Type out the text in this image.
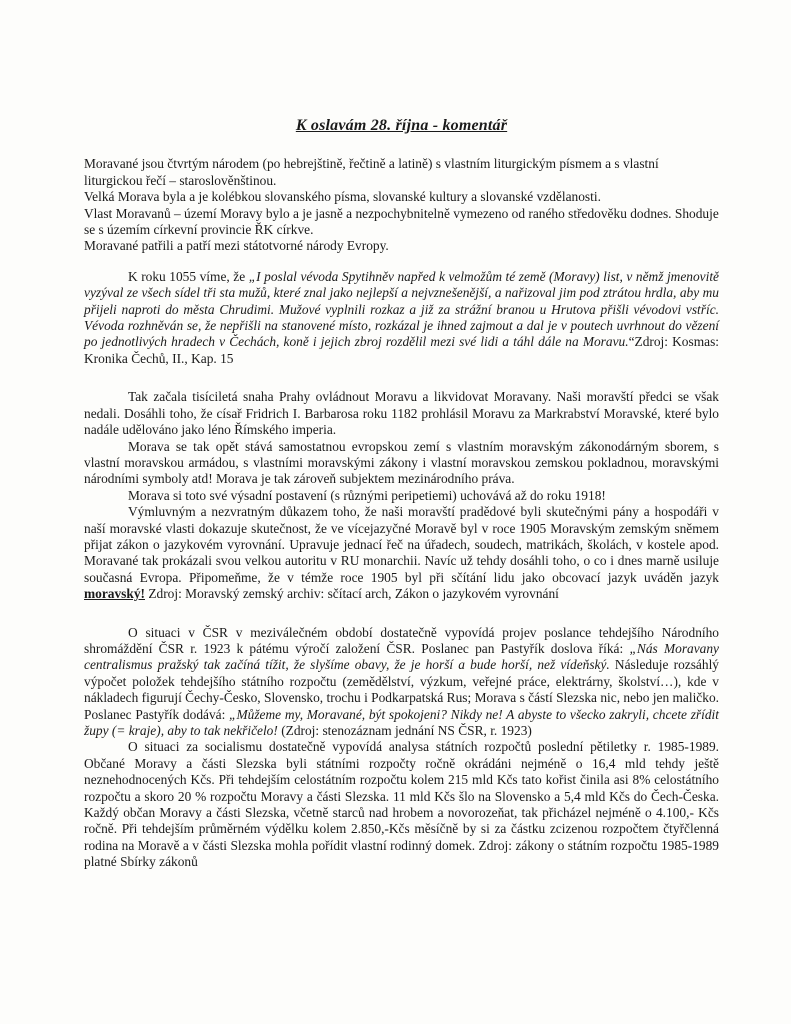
K oslavám 28. října - komentář

Moravané jsou čtvrtým národem (po hebrejštině, řečtině a latině) s vlastním liturgickým písmem a s vlastní liturgickou řečí – staroslověnštinou.

Velká Morava byla a je kolébkou slovanského písma, slovanské kultury a slovanské vzdělanosti.

Vlast Moravanů – území Moravy bylo a je jasně a nezpochybnitelně vymezeno od raného středověku dodnes. Shoduje se s územím církevní provincie ŘK církve.

Moravané patřili a patří mezi státotvorné národy Evropy.

K roku 1055 víme, že „I poslal vévoda Spytihněv napřed k velmožům té země (Moravy) list, v němž jmenovitě vyzýval ze všech sídel tři sta mužů, které znal jako nejlepší a nejvznešenější, a nařizoval jim pod ztrátou hrdla, aby mu přijeli naproti do města Chrudimi. Mužové vyplnili rozkaz a již za strážní branou u Hrutova přišli vévodovi vstříc. Vévoda rozhněván se, že nepřišli na stanovené místo, rozkázal je ihned zajmout a dal je v poutech uvrhnout do vězení po jednotlivých hradech v Čechách, koně i jejich zbroj rozdělil mezi své lidi a táhl dále na Moravu.“Zdroj: Kosmas: Kronika Čechů, II., Kap. 15

Tak začala tisíciletá snaha Prahy ovládnout Moravu a likvidovat Moravany. Naši moravští předci se však nedali. Dosáhli toho, že císař Fridrich I. Barbarosa roku 1182 prohlásil Moravu za Markrabství Moravské, které bylo nadále udělováno jako léno Římského imperia.

Morava se tak opět stává samostatnou evropskou zemí s vlastním moravským zákonodárným sborem, s vlastní moravskou armádou, s vlastními moravskými zákony i vlastní moravskou zemskou pokladnou, moravskými národními symboly atd! Morava je tak zároveň subjektem mezinárodního práva.

Morava si toto své výsadní postavení (s různými peripetiemi) uchovává až do roku 1918!

Výmluvným a nezvratným důkazem toho, že naši moravští pradědové byli skutečnými pány a hospodáři v naší moravské vlasti dokazuje skutečnost, že ve vícejazyčné Moravě byl v roce 1905 Moravským zemským sněmem přijat zákon o jazykovém vyrovnání. Upravuje jednací řeč na úřadech, soudech, matrikách, školách, v kostele apod. Moravané tak prokázali svou velkou autoritu v RU monarchii. Navíc už tehdy dosáhli toho, o co i dnes marně usiluje současná Evropa. Připomeňme, že v témže roce 1905 byl při sčítání lidu jako obcovací jazyk uváděn jazyk moravský! Zdroj: Moravský zemský archiv: sčítací arch, Zákon o jazykovém vyrovnání

O situaci v ČSR v meziválečném období dostatečně vypovídá projev poslance tehdejšího Národního shromáždění ČSR r. 1923 k pátému výročí založení ČSR. Poslanec pan Pastyřík doslova říká: „Nás Moravany centralismus pražský tak začíná tížit, že slyšíme obavy, že je horší a bude horší, než vídeňský. Následuje rozsáhlý výpočet položek tehdejšího státního rozpočtu (zemědělství, výzkum, veřejné práce, elektrárny, školství…), kde v nákladech figurují Čechy-Česko, Slovensko, trochu i Podkarpatská Rus; Morava s částí Slezska nic, nebo jen maličko. Poslanec Pastyřík dodává: „Můžeme my, Moravané, být spokojeni? Nikdy ne! A abyste to všecko zakryli, chcete zřídit župy (= kraje), aby to tak nekřičelo! (Zdroj: stenozáznam jednání NS ČSR, r. 1923)

O situaci za socialismu dostatečně vypovídá analysa státních rozpočtů poslední pětiletky r. 1985-1989. Občané Moravy a části Slezska byli státními rozpočty ročně okrádáni nejméně o 16,4 mld tehdy ještě neznehodnocených Kčs. Při tehdejším celostátním rozpočtu kolem 215 mld Kčs tato kořist činila asi 8% celostátního rozpočtu a skoro 20 % rozpočtu Moravy a části Slezska. 11 mld Kčs šlo na Slovensko a 5,4 mld Kčs do Čech-Česka. Každý občan Moravy a části Slezska, včetně starců nad hrobem a novorozeňat, tak přicházel nejméně o 4.100,- Kčs ročně. Při tehdejším průměrném výdělku kolem 2.850,-Kčs měsíčně by si za částku zcizenou rozpočtem čtyřčlenná rodina na Moravě a v části Slezska mohla pořídit vlastní rodinný domek. Zdroj: zákony o státním rozpočtu 1985-1989 platné Sbírky zákonů
